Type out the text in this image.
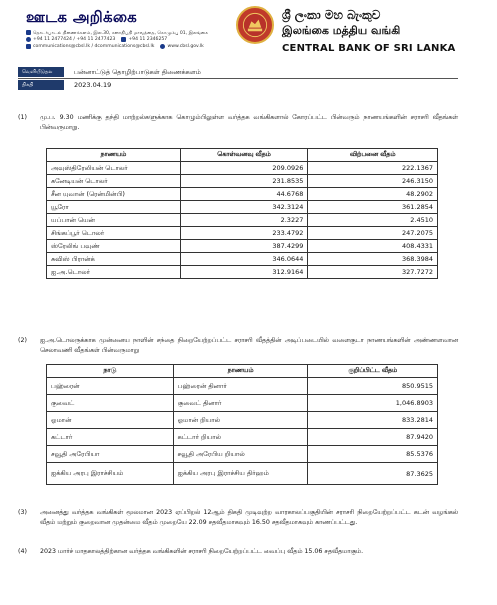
ஊடக அறிக்கை
தொடர்பாடல் திணைக்களம், இல.30, சனாதிபதி மாவத்தை, கொழும்பு 01, இலங்கை
+94 11 2477424 / +94 11 2477423	+94 11 2346257
communications@cbsl.lk / dcommunications@cbsl.lk	www.cbsl.gov.lk
ශ්‍රී ලංකා මහ බැංකුව
இலங்கை மத்திய வங்கி
CENTRAL BANK OF SRI LANKA
வெளியீடுதல	பன்னாட்டுத் தொழிற்பாடுகள் திணைக்களம்
திகதி	2023.04.19
(1)	மு.ப. 9.30 மணிக்கு தந்தி மாற்றல்களுக்காக கொழும்பிலுள்ள வர்த்தக வங்கிகளால் கோரப்பட்ட பின்வரும் நாணயங்களின் சராசரி வீதங்கள் பின்வருமாறு.
நாணயம்	கொள்வனவு வீதம்	விற்பனை வீதம்
அவுஸ்திரேலியன் டொலர்	209.0926	222.1367
கனேடியன் டொலர்	231.8535	246.3150
சீன யுவான் (ரென்மின்பி)	44.6768	48.2902
யூரோ	342.3124	361.2854
யப்பான் யென்	2.3227	2.4510
சிங்கப்பூர் டொலர்	233.4792	247.2075
ஸ்ரேலிங் பவுண்	387.4299	408.4331
சுவிஸ் பிரான்க்	346.0644	368.3984
ஐ.அ.டொலர்	312.9164	327.7272
(2)	ஐ.அ.டொலருக்காக முன்னைய நாளின் சந்தை நிறையேற்றப்பட்ட சராசரி வீதத்தின் அடிப்படையில் வளைகுடா நாணயங்களின் அண்ணளவான செலாவணி வீதங்கள் பின்வருமாறு
நாடு	நாணயம்	குறிப்பிட்ட வீதம்
பஹ்ரைன்	பஹ்ரைன் தினார்	850.9515
குவைட்	குவைட் தினார்	1,046.8903
ஓமான்	ஓமான் றியால்	833.2814
கட்டார்	கட்டார் றியால்	87.9420
சவூதி அரேபியா	சவூதி அரேபிய றியால்	85.5376
ஐக்கிய அரபு இராச்சியம்	ஐக்கிய அரபு இராச்சிய திர்ஹம்	87.3625
(3)	அனைத்து வர்த்தக வங்கிகள் மூலமான 2023 ஏப்பிறல் 12ஆம் திகதி முடிவுற்ற வாரகாலப்பகுதியின் சராசரி நிறையேற்றப்பட்ட கடன் வழங்கல் வீதம் மற்றும் குறைவான முதன்மை வீதம் முறையே 22.09 சதவீதமாகவும் 16.50 சதவீதமாகவும் காணப்பட்டது.
(4)	2023 மார்ச் மாதகாலத்திற்கான வர்த்தக வங்கிகளின் சராசரி நிறையேற்றப்பட்ட வைப்பு வீதம் 15.06 சதவீதமாகும்.
